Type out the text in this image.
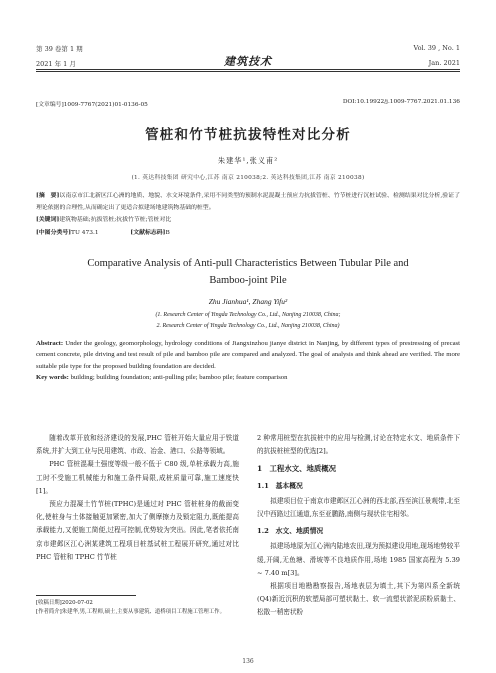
第 39 卷第 1 期
2021 年 1 月	建筑技术
Vol. 39 , No. 1
Jan. 2021
[文章编号]1009-7767(2021)01-0136-05	DOI:10.19922/j.1009-7767.2021.01.136
管桩和竹节桩抗拔特性对比分析
朱建华¹,张义甫²
(1. 英达科技集团 研究中心,江苏 南京 210038;2. 英达科技集团,江苏 南京 210038)
[摘　要]以南京市江北新区江心洲的地质、地貌、水文环境条件,采用不同类型的预制水泥混凝土预应力抗拔管桩、竹节桩进行沉桩试验、检测结果对比分析,验证了理论依据的合理性,从而确定出了更适合拟建场地建筑物基础的桩型。
[关键词]建筑物基础;抗拔管桩;抗拔竹节桩;管桩对比
[中图分类号]TU 473.1	[文献标志码]B
Comparative Analysis of Anti-pull Characteristics Between Tubular Pile and
Bamboo-joint Pile
Zhu Jianhua¹, Zhang Yifu²
(1. Research Center of Yingda Technology Co., Ltd., Nanjing 210038, China;
2. Research Center of Yingda Technology Co., Ltd., Nanjing 210038, China)
Abstract: Under the geology, geomorphology, hydrology conditions of Jiangxinzhou jianye district in Nanjing, by different types of prestressing of precast cement concrete, pile driving and test result of pile and bamboo pile are compared and analyzed. The goal of analysis and think ahead are verified. The more suitable pile type for the proposed building foundation are decided.
Key words: building; building foundation; anti-pulling pile; bamboo pile; feature comparison

随着改革开放和经济建设的发展,PHC 管桩开始大量应用于铁道系统,并扩大到工业与民用建筑、市政、冶金、港口、公路等领域。

PHC 管桩混凝土强度等级一般不低于 C80 级,单桩承载力高,施工时不受施工机械能力和施工条件局限,成桩质量可靠,施工速度快[1]。

预应力混凝土竹节桩(TPHC)是通过对 PHC 管桩桩身的截面变化,使桩身与土体接触更加紧密,加大了侧摩擦力及锁定阻力,既能提高承载能力,又便施工简便,过程可控制,优势较为突出。因此,笔者依托南京市建邺区江心洲某建筑工程项目桩基试桩工程展开研究,通过对比 PHC 管桩和 TPHC 竹节桩

[收稿日期]2020-07-02
[作者简介]朱建华,男,工程师,硕士,主要从事建筑、道桥项目工程施工管理工作。

2 种常用桩型在抗拔桩中的应用与检测,讨论在特定水文、地质条件下的抗拔桩桩型的优选[2]。

1　工程水文、地质概况
1.1　基本概况

拟建项目位于南京市建邺区江心洲的西北部,西至滨江景观带,北至汉中西路过江通道,东至亚鹏路,南侧与现状住宅相邻。

1.2　水文、地质情况

拟建场地原为江心洲内陆地农田,现为预拟建设用地,现场地势较平缓,开阔,无鱼塘、滑坡等不良地质作用,场地 1985 国家高程为 5.39 ~ 7.40 m[3]。

根据项目地勘勘察报告,场地表层为填土,其下为第四系全新统(Q4)新近沉积的软塑局部可塑状黏土、软一流塑状淤泥质粉质黏土、松散一稍密状粉

136
